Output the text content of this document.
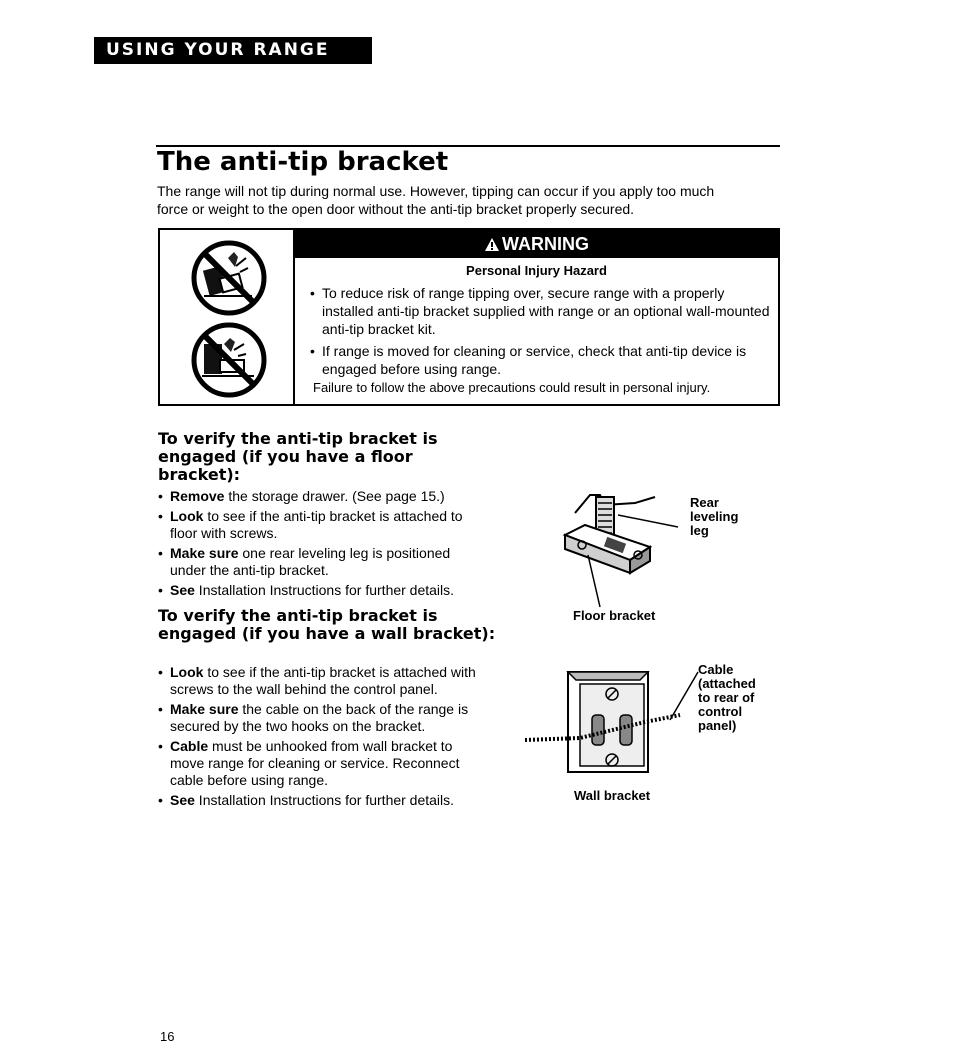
USING YOUR RANGE
The anti-tip bracket

The range will not tip during normal use. However, tipping can occur if you apply too much

force or weight to the open door without the anti-tip bracket properly secured.

WARNING
Personal Injury Hazard
• To reduce risk of range tipping over, secure range with a properly installed anti-tip bracket supplied with range or an optional wall-mounted anti-tip bracket kit.
• If range is moved for cleaning or service, check that anti-tip device is engaged before using range.
Failure to follow the above precautions could result in personal injury.
To verify the anti-tip bracket is engaged (if you have a floor bracket):
• Remove the storage drawer. (See page 15.)
• Look to see if the anti-tip bracket is attached to floor with screws.
• Make sure one rear leveling leg is positioned under the anti-tip bracket.
• See Installation Instructions for further details.
To verify the anti-tip bracket is engaged (if you have a wall bracket):
• Look to see if the anti-tip bracket is attached with screws to the wall behind the control panel.
• Make sure the cable on the back of the range is secured by the two hooks on the bracket.
• Cable must be unhooked from wall bracket to move range for cleaning or service. Reconnect cable before using range.
• See Installation Instructions for further details.
Rear leveling leg
Floor bracket
Cable (attached to rear of control panel)
Wall bracket
16
